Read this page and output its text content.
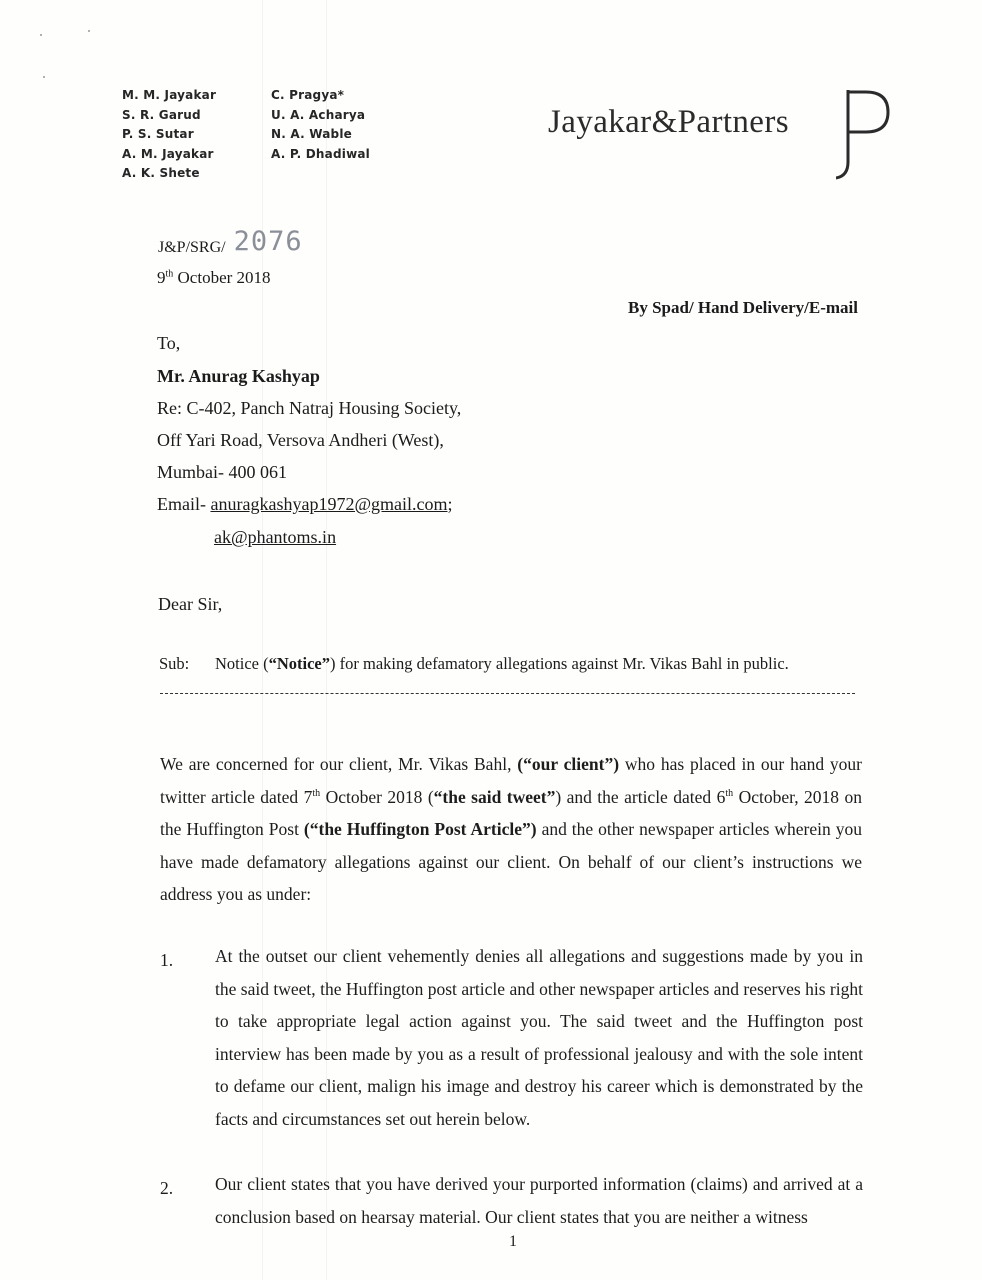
M. M. Jayakar
S. R. Garud
P. S. Sutar
A. M. Jayakar
A. K. Shete
C. Pragya*
U. A. Acharya
N. A. Wable
A. P. Dhadiwal
Jayakar&Partners
J&P/SRG/ 2076
9th October 2018
By Spad/ Hand Delivery/E-mail
To,
Mr. Anurag Kashyap
Re: C-402, Panch Natraj Housing Society,
Off Yari Road, Versova Andheri (West),
Mumbai- 400 061
Email- anuragkashyap1972@gmail.com;
ak@phantoms.in
Dear Sir,
Sub: Notice (“Notice”) for making defamatory allegations against Mr. Vikas Bahl in public.
We are concerned for our client, Mr. Vikas Bahl, (“our client”) who has placed in our hand your twitter article dated 7th October 2018 (“the said tweet”) and the article dated 6th October, 2018 on the Huffington Post (“the Huffington Post Article”) and the other newspaper articles wherein you have made defamatory allegations against our client. On behalf of our client’s instructions we address you as under:
1. At the outset our client vehemently denies all allegations and suggestions made by you in the said tweet, the Huffington post article and other newspaper articles and reserves his right to take appropriate legal action against you. The said tweet and the Huffington post interview has been made by you as a result of professional jealousy and with the sole intent to defame our client, malign his image and destroy his career which is demonstrated by the facts and circumstances set out herein below.
2. Our client states that you have derived your purported information (claims) and arrived at a conclusion based on hearsay material. Our client states that you are neither a witness
1
